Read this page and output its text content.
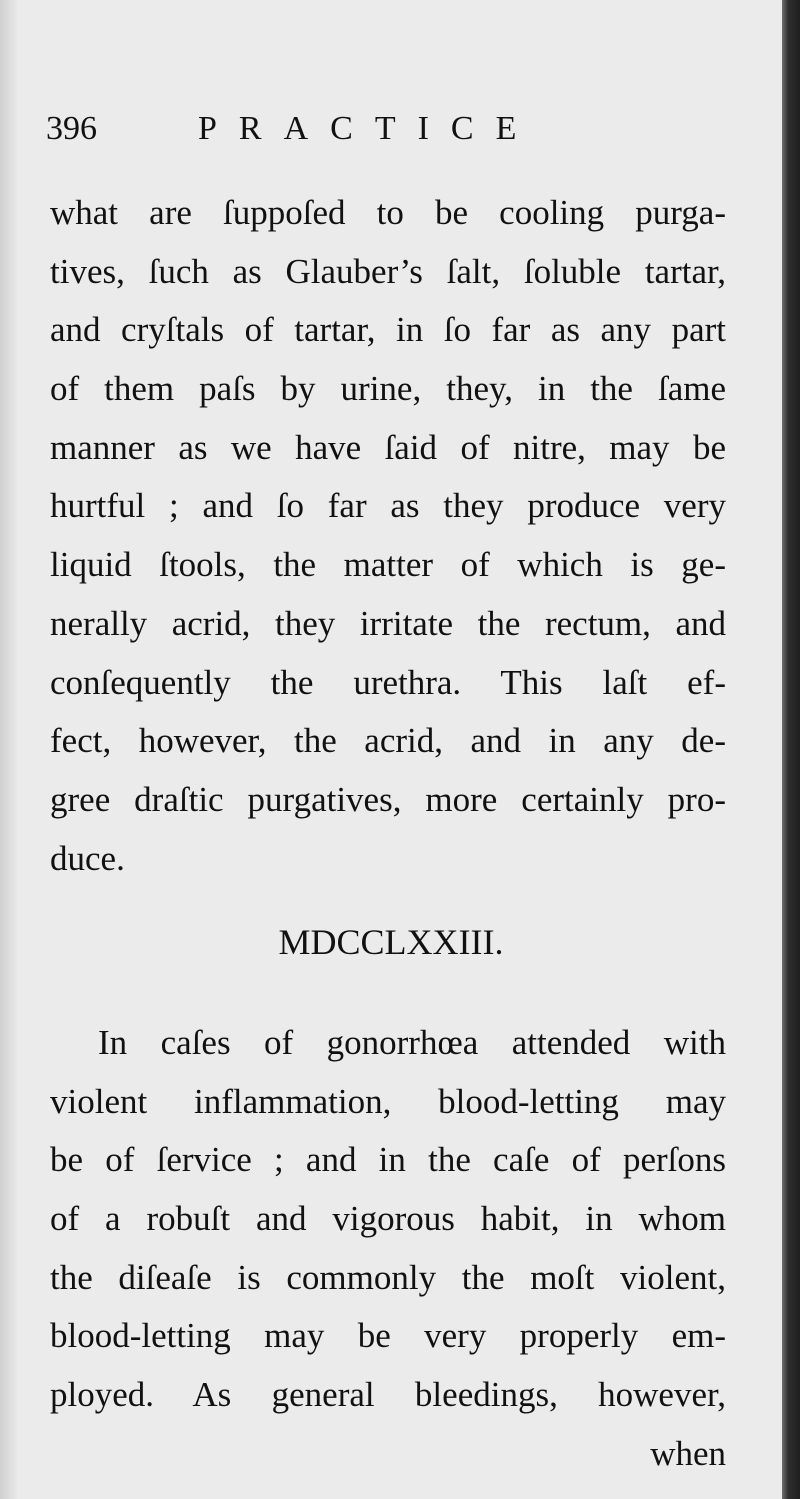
396	PRACTICE
what are ſuppoſed to be cooling purga-
tives, ſuch as Glauber’s ſalt, ſoluble tartar,
and cryſtals of tartar, in ſo far as any part
of them paſs by urine, they, in the ſame
manner as we have ſaid of nitre, may be
hurtful ; and ſo far as they produce very
liquid ſtools, the matter of which is ge-
nerally acrid, they irritate the rectum, and
conſequently the urethra. This laſt ef-
fect, however, the acrid, and in any de-
gree draſtic purgatives, more certainly pro-
duce.
MDCCLXXIII.
In caſes of gonorrhœa attended with
violent inflammation, blood-letting may
be of ſervice ; and in the caſe of perſons
of a robuſt and vigorous habit, in whom
the diſeaſe is commonly the moſt violent,
blood-letting may be very properly em-
ployed. As general bleedings, however,
when
